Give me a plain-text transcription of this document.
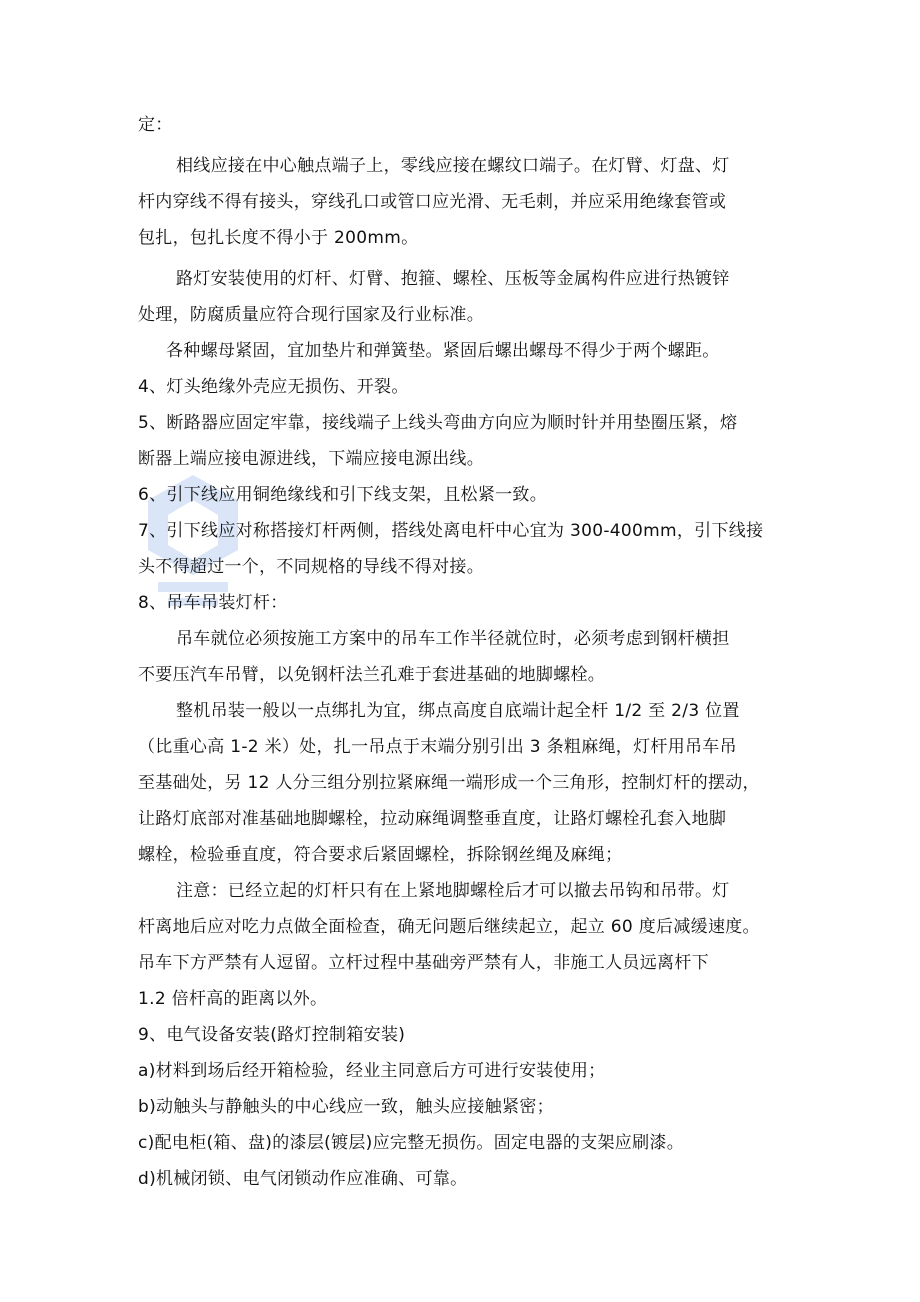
定：
相线应接在中心触点端子上，零线应接在螺纹口端子。在灯臂、灯盘、灯
杆内穿线不得有接头，穿线孔口或管口应光滑、无毛刺，并应采用绝缘套管或
包扎，包扎长度不得小于 200mm。
路灯安装使用的灯杆、灯臂、抱箍、螺栓、压板等金属构件应进行热镀锌
处理，防腐质量应符合现行国家及行业标准。
各种螺母紧固，宜加垫片和弹簧垫。紧固后螺出螺母不得少于两个螺距。
4、灯头绝缘外壳应无损伤、开裂。
5、断路器应固定牢靠，接线端子上线头弯曲方向应为顺时针并用垫圈压紧，熔
断器上端应接电源进线，下端应接电源出线。
6、引下线应用铜绝缘线和引下线支架，且松紧一致。
7、引下线应对称搭接灯杆两侧，搭线处离电杆中心宜为 300-400mm，引下线接
头不得超过一个，不同规格的导线不得对接。
8、吊车吊装灯杆：
吊车就位必须按施工方案中的吊车工作半径就位时，必须考虑到钢杆横担
不要压汽车吊臂，以免钢杆法兰孔难于套进基础的地脚螺栓。
整机吊装一般以一点绑扎为宜，绑点高度自底端计起全杆 1/2 至 2/3 位置
（比重心高 1-2 米）处，扎一吊点于末端分别引出 3 条粗麻绳，灯杆用吊车吊
至基础处，另 12 人分三组分别拉紧麻绳一端形成一个三角形，控制灯杆的摆动，
让路灯底部对准基础地脚螺栓，拉动麻绳调整垂直度，让路灯螺栓孔套入地脚
螺栓，检验垂直度，符合要求后紧固螺栓，拆除钢丝绳及麻绳；
注意：已经立起的灯杆只有在上紧地脚螺栓后才可以撤去吊钩和吊带。灯
杆离地后应对吃力点做全面检查，确无问题后继续起立，起立 60 度后减缓速度。
吊车下方严禁有人逗留。立杆过程中基础旁严禁有人，非施工人员远离杆下
1.2 倍杆高的距离以外。
9、电气设备安装(路灯控制箱安装)
a)材料到场后经开箱检验，经业主同意后方可进行安装使用；
b)动触头与静触头的中心线应一致，触头应接触紧密；
c)配电柜(箱、盘)的漆层(镀层)应完整无损伤。固定电器的支架应刷漆。
d)机械闭锁、电气闭锁动作应准确、可靠。
